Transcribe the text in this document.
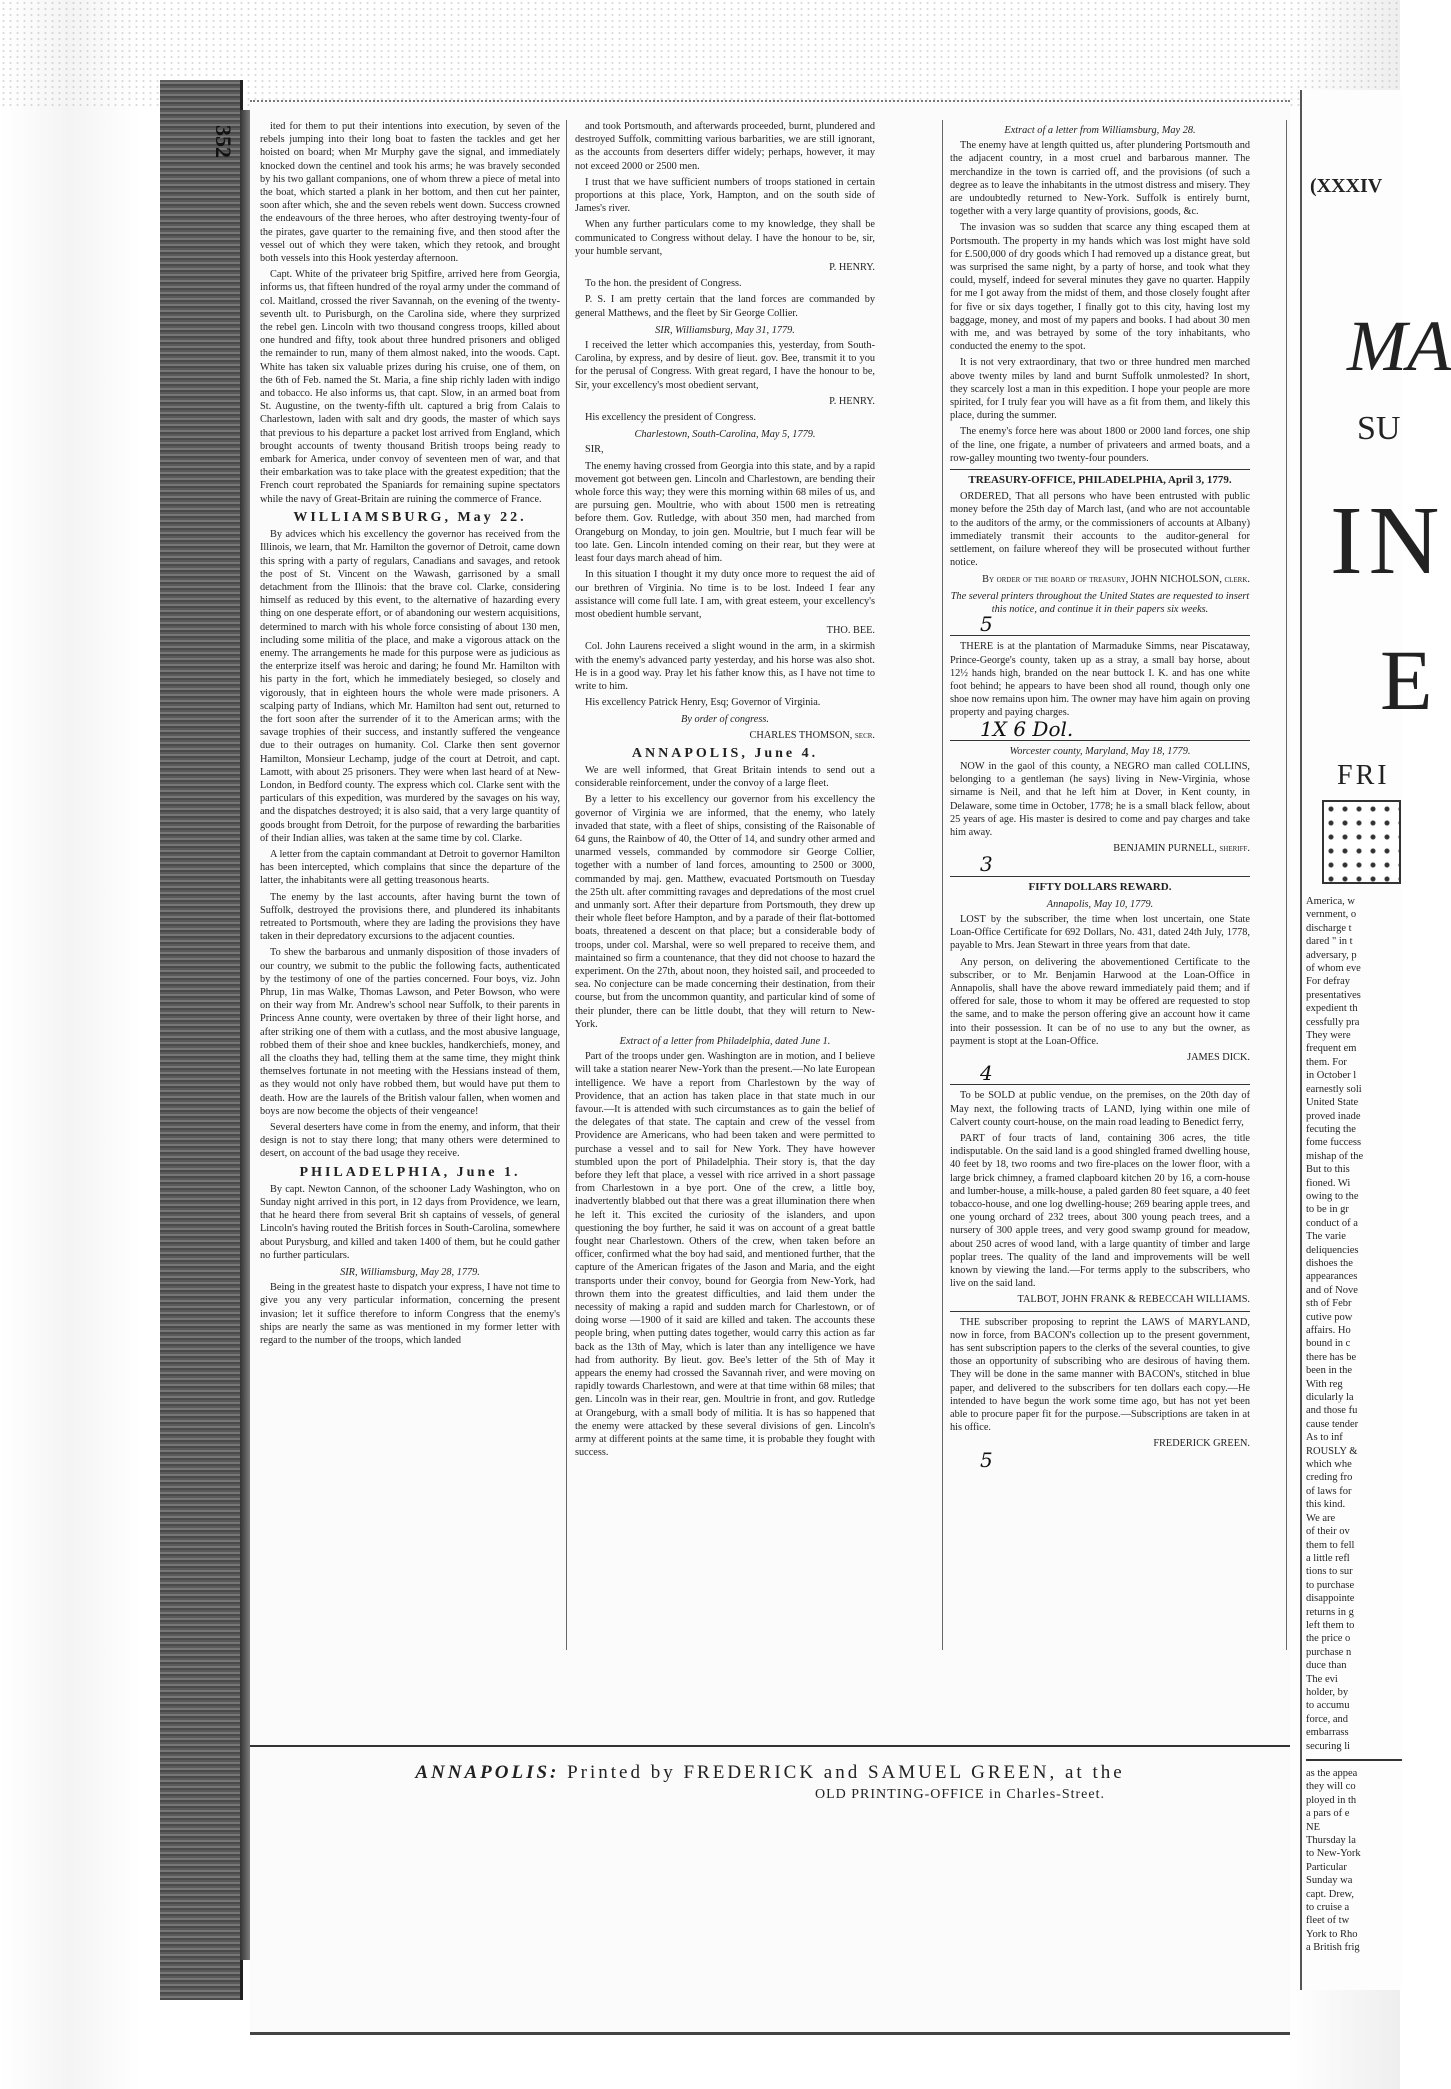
352	ited for them to put their intentions into execution, by seven of the rebels jumping into their long boat to fasten the tackles and get her hoisted on board; when Mr Murphy gave the signal, and immediately knocked down the centinel and took his arms; he was bravely seconded by his two gallant companions, one of whom threw a piece of metal into the boat, which started a plank in her bottom, and then cut her painter, soon after which, she and the seven rebels went down. Success crowned the endeavours of the three heroes, who after destroying twenty-four of the pirates, gave quarter to the remaining five, and then stood after the vessel out of which they were taken, which they retook, and brought both vessels into this Hook yesterday afternoon.

Capt. White of the privateer brig Spitfire, arrived here from Georgia, informs us, that fifteen hundred of the royal army under the command of col. Maitland, crossed the river Savannah, on the evening of the twenty-seventh ult. to Purisburgh, on the Carolina side, where they surprized the rebel gen. Lincoln with two thousand congress troops, killed about one hundred and fifty, took about three hundred prisoners and obliged the remainder to run, many of them almost naked, into the woods. Capt. White has taken six valuable prizes during his cruise, one of them, on the 6th of Feb. named the St. Maria, a fine ship richly laden with indigo and tobacco. He also informs us, that capt. Slow, in an armed boat from St. Augustine, on the twenty-fifth ult. captured a brig from Calais to Charlestown, laden with salt and dry goods, the master of which says that previous to his departure a packet lost arrived from England, which brought accounts of twenty thousand British troops being ready to embark for America, under convoy of seventeen men of war, and that their embarkation was to take place with the greatest expedition; that the French court reprobated the Spaniards for remaining supine spectators while the navy of Great-Britain are ruining the commerce of France.

WILLIAMSBURG, May 22.

By advices which his excellency the governor has received from the Illinois, we learn, that Mr. Hamilton the governor of Detroit, came down this spring with a party of regulars, Canadians and savages, and retook the post of St. Vincent on the Wawash, garrisoned by a small detachment from the Illinois: that the brave col. Clarke, considering himself as reduced by this event, to the alternative of hazarding every thing on one desperate effort, or of abandoning our western acquisitions, determined to march with his whole force consisting of about 130 men, including some militia of the place, and make a vigorous attack on the enemy. The arrangements he made for this purpose were as judicious as the enterprize itself was heroic and daring; he found Mr. Hamilton with his party in the fort, which he immediately besieged, so closely and vigorously, that in eighteen hours the whole were made prisoners. A scalping party of Indians, which Mr. Hamilton had sent out, returned to the fort soon after the surrender of it to the American arms; with the savage trophies of their success, and instantly suffered the vengeance due to their outrages on humanity. Col. Clarke then sent governor Hamilton, Monsieur Lechamp, judge of the court at Detroit, and capt. Lamott, with about 25 prisoners. They were when last heard of at New-London, in Bedford county. The express which col. Clarke sent with the particulars of this expedition, was murdered by the savages on his way, and the dispatches destroyed; it is also said, that a very large quantity of goods brought from Detroit, for the purpose of rewarding the barbarities of their Indian allies, was taken at the same time by col. Clarke.

A letter from the captain commandant at Detroit to governor Hamilton has been intercepted, which complains that since the departure of the latter, the inhabitants were all getting treasonous hearts.

The enemy by the last accounts, after having burnt the town of Suffolk, destroyed the provisions there, and plundered its inhabitants retreated to Portsmouth, where they are lading the provisions they have taken in their depredatory excursions to the adjacent counties.

To shew the barbarous and unmanly disposition of those invaders of our country, we submit to the public the following facts, authenticated by the testimony of one of the parties concerned. Four boys, viz. John Phrup, 1in mas Walke, Thomas Lawson, and Peter Bowson, who were on their way from Mr. Andrew's school near Suffolk, to their parents in Princess Anne county, were overtaken by three of their light horse, and after striking one of them with a cutlass, and the most abusive language, robbed them of their shoe and knee buckles, handkerchiefs, money, and all the cloaths they had, telling them at the same time, they might think themselves fortunate in not meeting with the Hessians instead of them, as they would not only have robbed them, but would have put them to death. How are the laurels of the British valour fallen, when women and boys are now become the objects of their vengeance!

Several deserters have come in from the enemy, and inform, that their design is not to stay there long; that many others were determined to desert, on account of the bad usage they receive.

PHILADELPHIA, June 1.

By capt. Newton Cannon, of the schooner Lady Washington, who on Sunday night arrived in this port, in 12 days from Providence, we learn, that he heard there from several Brit sh captains of vessels, of general Lincoln's having routed the British forces in South-Carolina, somewhere about Purysburg, and killed and taken 1400 of them, but he could gather no further particulars.

SIR, Williamsburg, May 28, 1779.

Being in the greatest haste to dispatch your express, I have not time to give you any very particular information, concerning the present invasion; let it suffice therefore to inform Congress that the enemy's ships are nearly the same as was mentioned in my former letter with regard to the number of the troops, which landed

and took Portsmouth, and afterwards proceeded, burnt, plundered and destroyed Suffolk, committing various barbarities, we are still ignorant, as the accounts from deserters differ widely; perhaps, however, it may not exceed 2000 or 2500 men.

I trust that we have sufficient numbers of troops stationed in certain proportions at this place, York, Hampton, and on the south side of James's river.

When any further particulars come to my knowledge, they shall be communicated to Congress without delay. I have the honour to be, sir, your humble servant,

P. HENRY.

To the hon. the president of Congress.

P. S. I am pretty certain that the land forces are commanded by general Matthews, and the fleet by Sir George Collier.

SIR, Williamsburg, May 31, 1779.

I received the letter which accompanies this, yesterday, from South-Carolina, by express, and by desire of lieut. gov. Bee, transmit it to you for the perusal of Congress. With great regard, I have the honour to be, Sir, your excellency's most obedient servant,

P. HENRY.

His excellency the president of Congress.

Charlestown, South-Carolina, May 5, 1779.

SIR,

The enemy having crossed from Georgia into this state, and by a rapid movement got between gen. Lincoln and Charlestown, are bending their whole force this way; they were this morning within 68 miles of us, and are pursuing gen. Moultrie, who with about 1500 men is retreating before them. Gov. Rutledge, with about 350 men, had marched from Orangeburg on Monday, to join gen. Moultrie, but I much fear will be too late. Gen. Lincoln intended coming on their rear, but they were at least four days march ahead of him.

In this situation I thought it my duty once more to request the aid of our brethren of Virginia. No time is to be lost. Indeed I fear any assistance will come full late. I am, with great esteem, your excellency's most obedient humble servant,

THO. BEE.

Col. John Laurens received a slight wound in the arm, in a skirmish with the enemy's advanced party yesterday, and his horse was also shot. He is in a good way. Pray let his father know this, as I have not time to write to him.

His excellency Patrick Henry, Esq; Governor of Virginia.

By order of congress.

CHARLES THOMSON, secr.

ANNAPOLIS, June 4.

We are well informed, that Great Britain intends to send out a considerable reinforcement, under the convoy of a large fleet.

By a letter to his excellency our governor from his excellency the governor of Virginia we are informed, that the enemy, who lately invaded that state, with a fleet of ships, consisting of the Raisonable of 64 guns, the Rainbow of 40, the Otter of 14, and sundry other armed and unarmed vessels, commanded by commodore sir George Collier, together with a number of land forces, amounting to 2500 or 3000, commanded by maj. gen. Matthew, evacuated Portsmouth on Tuesday the 25th ult. after committing ravages and depredations of the most cruel and unmanly sort. After their departure from Portsmouth, they drew up their whole fleet before Hampton, and by a parade of their flat-bottomed boats, threatened a descent on that place; but a considerable body of troops, under col. Marshal, were so well prepared to receive them, and maintained so firm a countenance, that they did not choose to hazard the experiment. On the 27th, about noon, they hoisted sail, and proceeded to sea. No conjecture can be made concerning their destination, from their course, but from the uncommon quantity, and particular kind of some of their plunder, there can be little doubt, that they will return to New-York.

Extract of a letter from Philadelphia, dated June 1.

Part of the troops under gen. Washington are in motion, and I believe will take a station nearer New-York than the present.—No late European intelligence. We have a report from Charlestown by the way of Providence, that an action has taken place in that state much in our favour.—It is attended with such circumstances as to gain the belief of the delegates of that state. The captain and crew of the vessel from Providence are Americans, who had been taken and were permitted to purchase a vessel and to sail for New York. They have however stumbled upon the port of Philadelphia. Their story is, that the day before they left that place, a vessel with rice arrived in a short passage from Charlestown in a bye port. One of the crew, a little boy, inadvertently blabbed out that there was a great illumination there when he left it. This excited the curiosity of the islanders, and upon questioning the boy further, he said it was on account of a great battle fought near Charlestown. Others of the crew, when taken before an officer, confirmed what the boy had said, and mentioned further, that the capture of the American frigates of the Jason and Maria, and the eight transports under their convoy, bound for Georgia from New-York, had thrown them into the greatest difficulties, and laid them under the necessity of making a rapid and sudden march for Charlestown, or of doing worse —1900 of it said are killed and taken. The accounts these people bring, when putting dates together, would carry this action as far back as the 13th of May, which is later than any intelligence we have had from authority. By lieut. gov. Bee's letter of the 5th of May it appears the enemy had crossed the Savannah river, and were moving on rapidly towards Charlestown, and were at that time within 68 miles; that gen. Lincoln was in their rear, gen. Moultrie in front, and gov. Rutledge at Orangeburg, with a small body of militia. It is has so happened that the enemy were attacked by these several divisions of gen. Lincoln's army at different points at the same time, it is probable they fought with success.

Extract of a letter from Williamsburg, May 28.

The enemy have at length quitted us, after plundering Portsmouth and the adjacent country, in a most cruel and barbarous manner. The merchandize in the town is carried off, and the provisions (of such a degree as to leave the inhabitants in the utmost distress and misery. They are undoubtedly returned to New-York. Suffolk is entirely burnt, together with a very large quantity of provisions, goods, &c.

The invasion was so sudden that scarce any thing escaped them at Portsmouth. The property in my hands which was lost might have sold for £.500,000 of dry goods which I had removed up a distance great, but was surprised the same night, by a party of horse, and took what they could, myself, indeed for several minutes they gave no quarter. Happily for me I got away from the midst of them, and those closely fought after for five or six days together, I finally got to this city, having lost my baggage, money, and most of my papers and books. I had about 30 men with me, and was betrayed by some of the tory inhabitants, who conducted the enemy to the spot.

It is not very extraordinary, that two or three hundred men marched above twenty miles by land and burnt Suffolk unmolested? In short, they scarcely lost a man in this expedition. I hope your people are more spirited, for I truly fear you will have as a fit from them, and likely this place, during the summer.

The enemy's force here was about 1800 or 2000 land forces, one ship of the line, one frigate, a number of privateers and armed boats, and a row-galley mounting two twenty-four pounders.

TREASURY-OFFICE, PHILADELPHIA, April 3, 1779.

ORDERED, That all persons who have been entrusted with public money before the 25th day of March last, (and who are not accountable to the auditors of the army, or the commissioners of accounts at Albany) immediately transmit their accounts to the auditor-general for settlement, on failure whereof they will be prosecuted without further notice.

By order of the board of treasury, JOHN NICHOLSON, clerk.

The several printers throughout the United States are requested to insert this notice, and continue it in their papers six weeks.

5

THERE is at the plantation of Marmaduke Simms, near Piscataway, Prince-George's county, taken up as a stray, a small bay horse, about 12½ hands high, branded on the near buttock I. K. and has one white foot behind; he appears to have been shod all round, though only one shoe now remains upon him. The owner may have him again on proving property and paying charges.

1X 6 Dol.

Worcester county, Maryland, May 18, 1779.

NOW in the gaol of this county, a NEGRO man called COLLINS, belonging to a gentleman (he says) living in New-Virginia, whose sirname is Neil, and that he left him at Dover, in Kent county, in Delaware, some time in October, 1778; he is a small black fellow, about 25 years of age. His master is desired to come and pay charges and take him away.

BENJAMIN PURNELL, sheriff.

3

FIFTY DOLLARS REWARD.

Annapolis, May 10, 1779.

LOST by the subscriber, the time when lost uncertain, one State Loan-Office Certificate for 692 Dollars, No. 431, dated 24th July, 1778, payable to Mrs. Jean Stewart in three years from that date.

Any person, on delivering the abovementioned Certificate to the subscriber, or to Mr. Benjamin Harwood at the Loan-Office in Annapolis, shall have the above reward immediately paid them; and if offered for sale, those to whom it may be offered are requested to stop the same, and to make the person offering give an account how it came into their possession. It can be of no use to any but the owner, as payment is stopt at the Loan-Office.

JAMES DICK.

4

To be SOLD at public vendue, on the premises, on the 20th day of May next, the following tracts of LAND, lying within one mile of Calvert county court-house, on the main road leading to Benedict ferry,

PART of four tracts of land, containing 306 acres, the title indisputable. On the said land is a good shingled framed dwelling house, 40 feet by 18, two rooms and two fire-places on the lower floor, with a large brick chimney, a framed clapboard kitchen 20 by 16, a corn-house and lumber-house, a milk-house, a paled garden 80 feet square, a 40 feet tobacco-house, and one log dwelling-house; 269 bearing apple trees, and one young orchard of 232 trees, about 300 young peach trees, and a nursery of 300 apple trees, and very good swamp ground for meadow, about 250 acres of wood land, with a large quantity of timber and large poplar trees. The quality of the land and improvements will be well known by viewing the land.—For terms apply to the subscribers, who live on the said land.

TALBOT, JOHN FRANK & REBECCAH WILLIAMS.

THE subscriber proposing to reprint the LAWS of MARYLAND, now in force, from BACON's collection up to the present government, has sent subscription papers to the clerks of the several counties, to give those an opportunity of subscribing who are desirous of having them. They will be done in the same manner with BACON's, stitched in blue paper, and delivered to the subscribers for ten dollars each copy.—He intended to have begun the work some time ago, but has not yet been able to procure paper fit for the purpose.—Subscriptions are taken in at his office.

FREDERICK GREEN.

5

ANNAPOLIS: Printed by FREDERICK and SAMUEL GREEN, at the
OLD PRINTING-OFFICE in Charles-Street.
(XXXIV
MA
SU
IN
E
FRI
America, w
vernment, o
discharge t
dared " in t
adversary, p
of whom eve
For defray
presentatives
expedient th
cessfully pra
They were
frequent em
them. For
in October l
earnestly soli
United State
proved inade
fecuting the
fome fuccess
mishap of the
But to this
fioned. Wi
owing to the
to be in gr
conduct of a
The varie
deliquencies
dishoes the
appearances
and of Nove
sth of Febr
cutive pow
affairs. Ho
bound in c
there has be
been in the
With reg
dicularly la
and those fu
cause tender
As to inf
ROUSLY &
which whe
creding fro
of laws for
this kind.
We are
of their ov
them to fell
a little refl
tions to sur
to purchase
disappointe
returns in g
left them to
the price o
purchase n
duce than
The evi
holder, by
to accumu
force, and
embarrass
securing li
as the appea
they will co
ployed in th
a pars of e
NE
Thursday la
to New-York
Particular
Sunday wa
capt. Drew,
to cruise a
fleet of tw
York to Rho
a British frig
